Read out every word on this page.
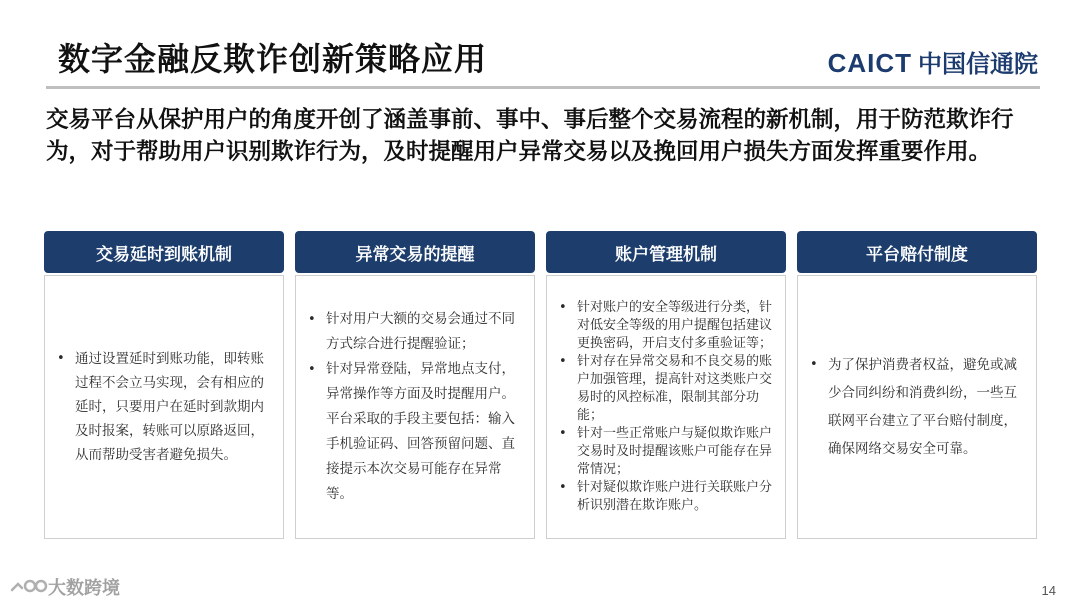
数字金融反欺诈创新策略应用	CAICT 中国信通院
交易平台从保护用户的角度开创了涵盖事前、事中、事后整个交易流程的新机制，用于防范欺诈行为，对于帮助用户识别欺诈行为，及时提醒用户异常交易以及挽回用户损失方面发挥重要作用。
交易延时到账机制
• 通过设置延时到账功能，即转账过程不会立马实现，会有相应的延时，只要用户在延时到款期内及时报案，转账可以原路返回，从而帮助受害者避免损失。
异常交易的提醒
• 针对用户大额的交易会通过不同方式综合进行提醒验证；
• 针对异常登陆，异常地点支付，异常操作等方面及时提醒用户。平台采取的手段主要包括：输入手机验证码、回答预留问题、直接提示本次交易可能存在异常等。
账户管理机制
• 针对账户的安全等级进行分类，针对低安全等级的用户提醒包括建议更换密码，开启支付多重验证等；
• 针对存在异常交易和不良交易的账户加强管理，提高针对这类账户交易时的风控标准，限制其部分功能；
• 针对一些正常账户与疑似欺诈账户交易时及时提醒该账户可能存在异常情况；
• 针对疑似欺诈账户进行关联账户分析识别潜在欺诈账户。
平台赔付制度
• 为了保护消费者权益，避免或减少合同纠纷和消费纠纷，一些互联网平台建立了平台赔付制度，确保网络交易安全可靠。
大数跨境	14
